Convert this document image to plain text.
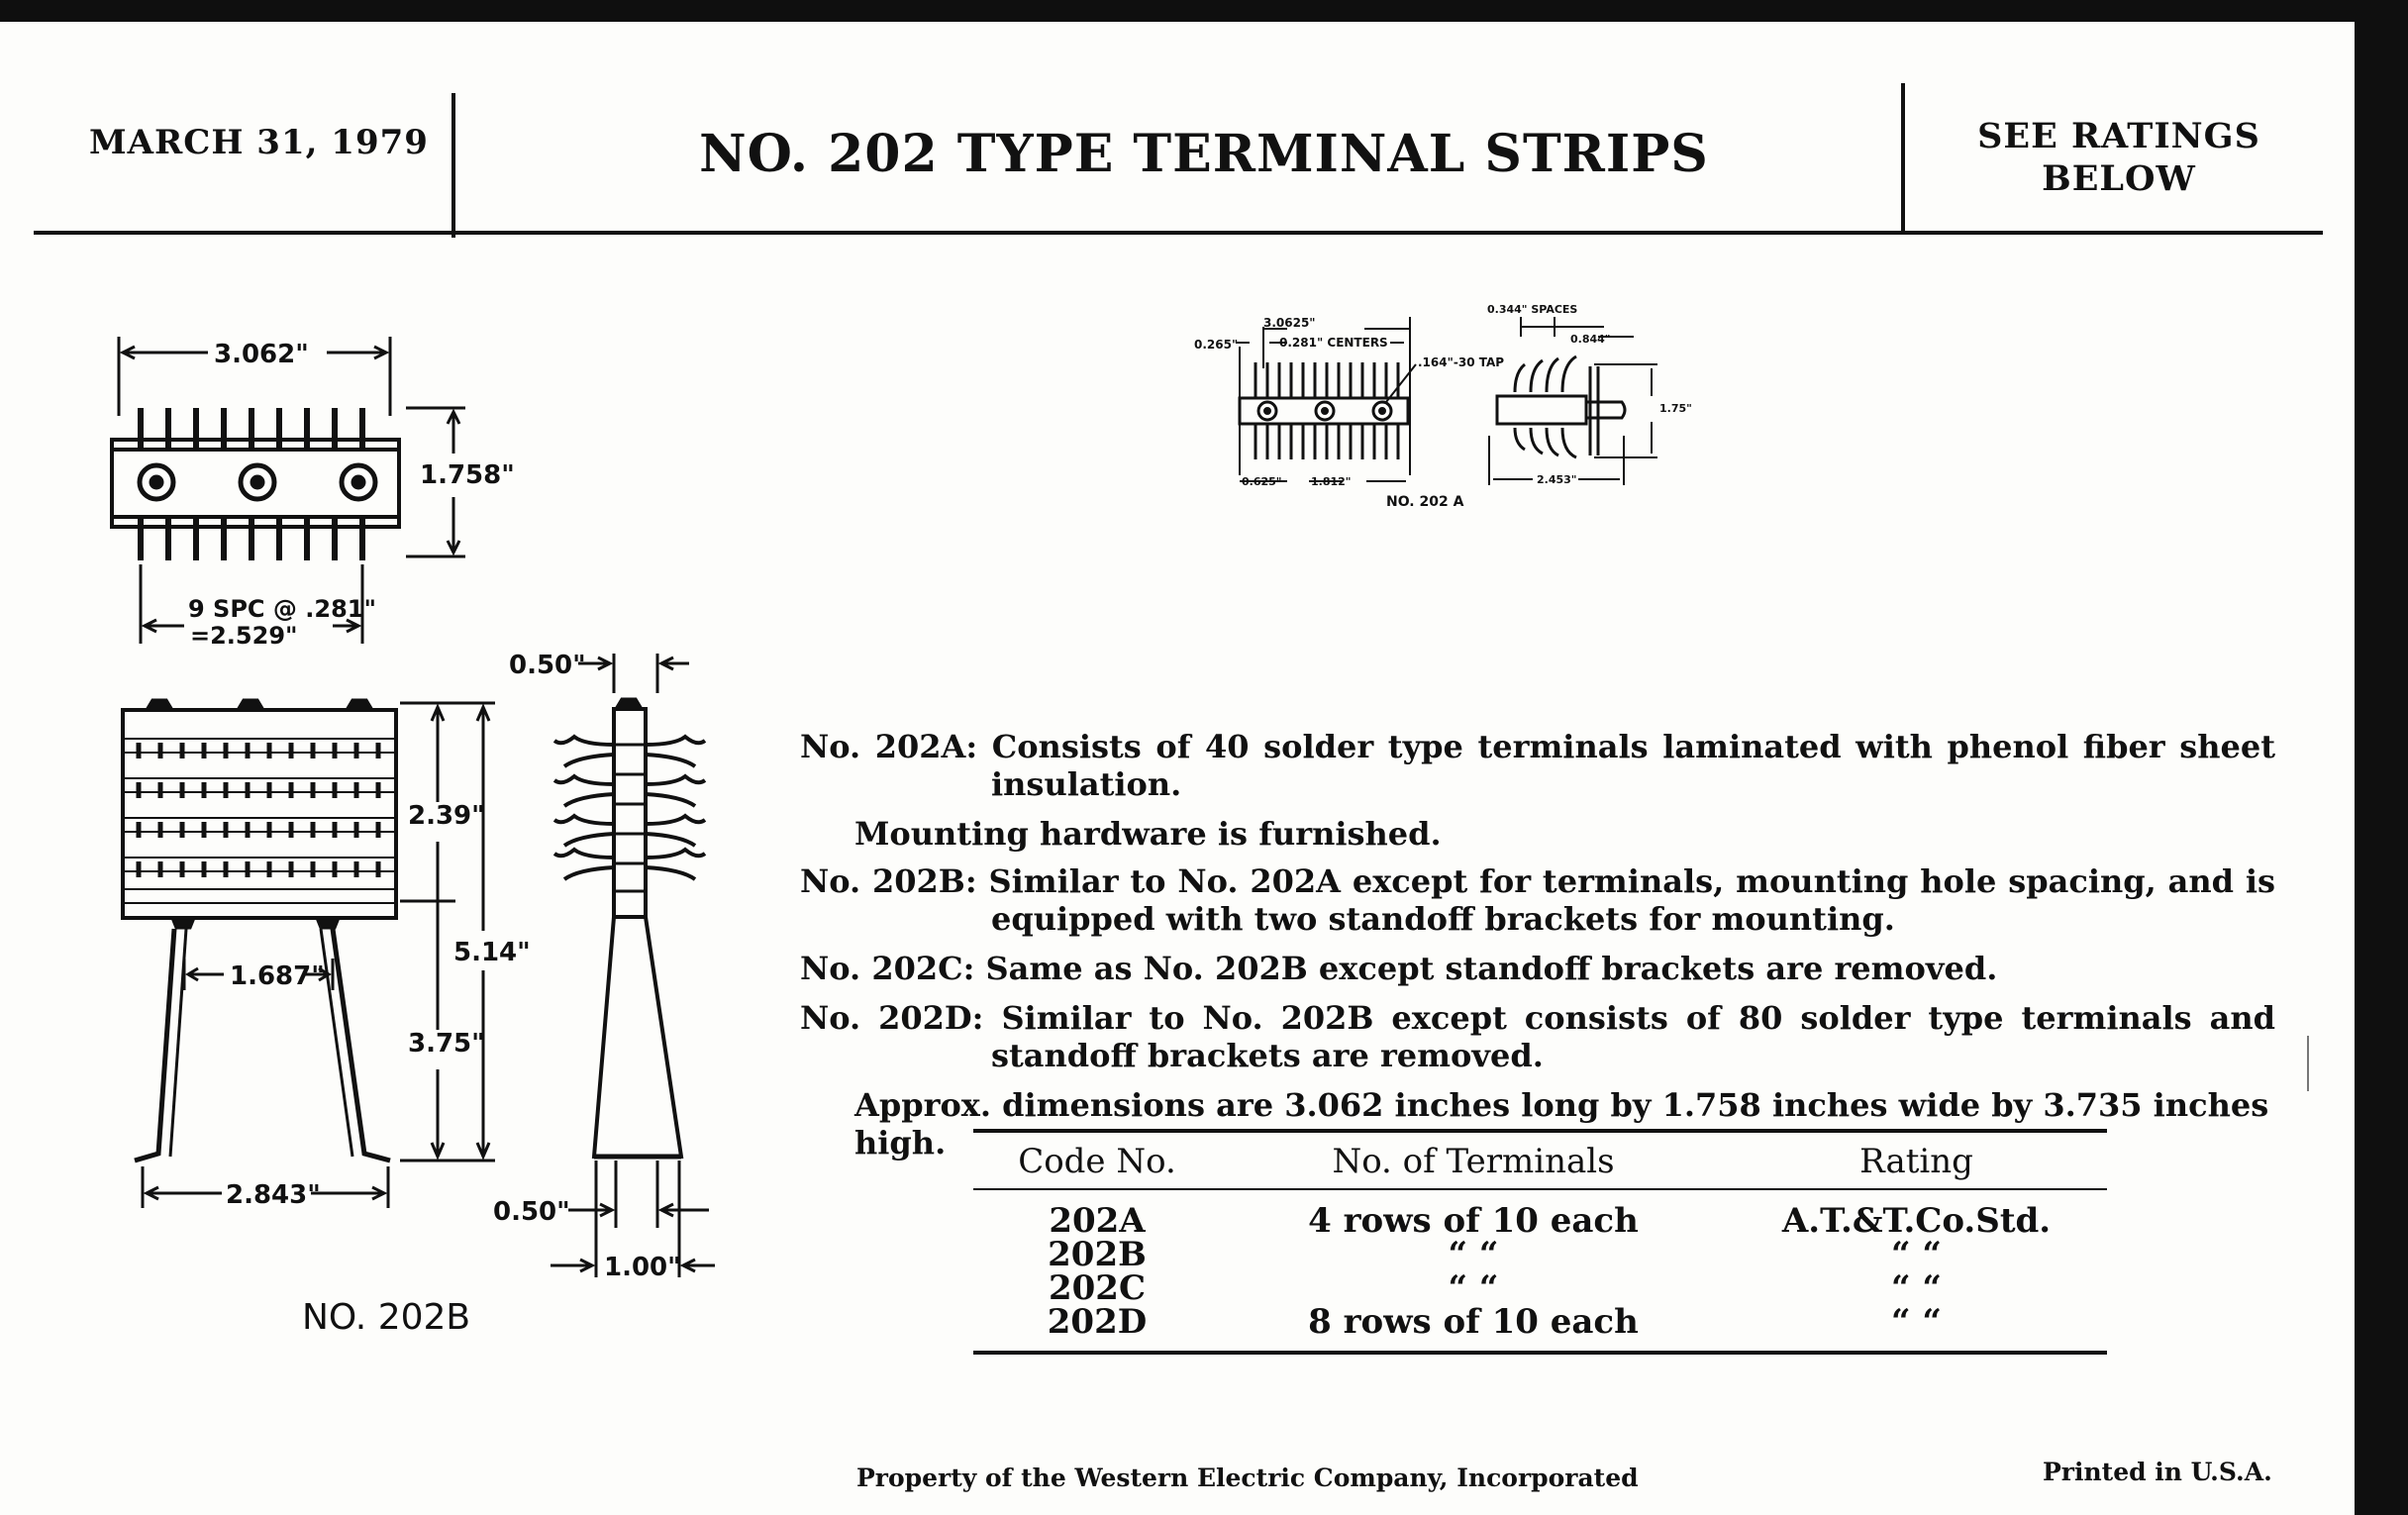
MARCH 31, 1979	NO. 202 TYPE TERMINAL STRIPS	SEE RATINGS
BELOW
3.062"
1.758"
9 SPC @ .281"
=2.529"
2.39"
5.14"
3.75"
1.687"
2.843"
0.50"
0.50"
1.00"
3.0625"
0.265"	0.281" CENTERS
.164"-30 TAP
0.344" SPACES
0.844"
1.75"
0.625"	1.812"	2.453"
NO. 202 A
NO. 202B

No. 202A: Consists of 40 solder type terminals laminated with phenol fiber sheet insulation.

Mounting hardware is furnished.

No. 202B: Similar to No. 202A except for terminals, mounting hole spacing, and is equipped with two standoff brackets for mounting.

No. 202C: Same as No. 202B except standoff brackets are removed.

No. 202D: Similar to No. 202B except consists of 80 solder type terminals and standoff brackets are removed.

Approx. dimensions are 3.062 inches long by 1.758 inches wide by 3.735 inches high.	Code No.	No. of Terminals	Rating
202A	4 rows of 10 each	A.T.&T.Co.Std.
202B	“ “	“ “
202C	“ “	“ “
202D	8 rows of 10 each	“ “
Property of the Western Electric Company, Incorporated	Printed in U.S.A.
